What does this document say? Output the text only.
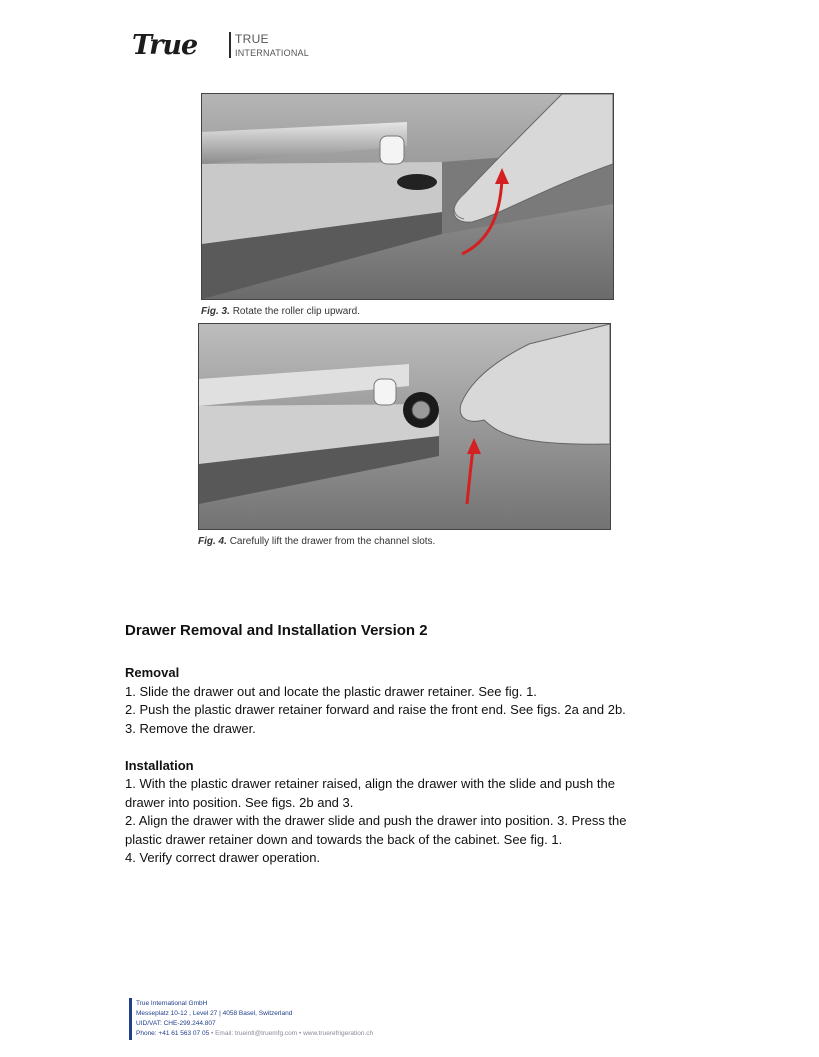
True	TRUE
INTERNATIONAL
Fig. 3. Rotate the roller clip upward.
Fig. 4. Carefully lift the drawer from the channel slots.
Drawer Removal and Installation Version 2
Removal
1. Slide the drawer out and locate the plastic drawer retainer. See fig. 1.
2. Push the plastic drawer retainer forward and raise the front end. See figs. 2a and 2b.
3. Remove the drawer.
Installation
1. With the plastic drawer retainer raised, align the drawer with the slide and push the
drawer into position. See figs. 2b and 3.
2. Align the drawer with the drawer slide and push the drawer into position. 3. Press the
plastic drawer retainer down and towards the back of the cabinet. See fig. 1.
4. Verify correct drawer operation.
True International GmbH
Messeplatz 10-12 , Level 27 | 4058 Basel, Switzerland
UID/VAT: CHE-299.244.807
Phone: +41 61 563 07 05 • Email: trueintl@truemfg.com • www.truerefrigeration.ch
